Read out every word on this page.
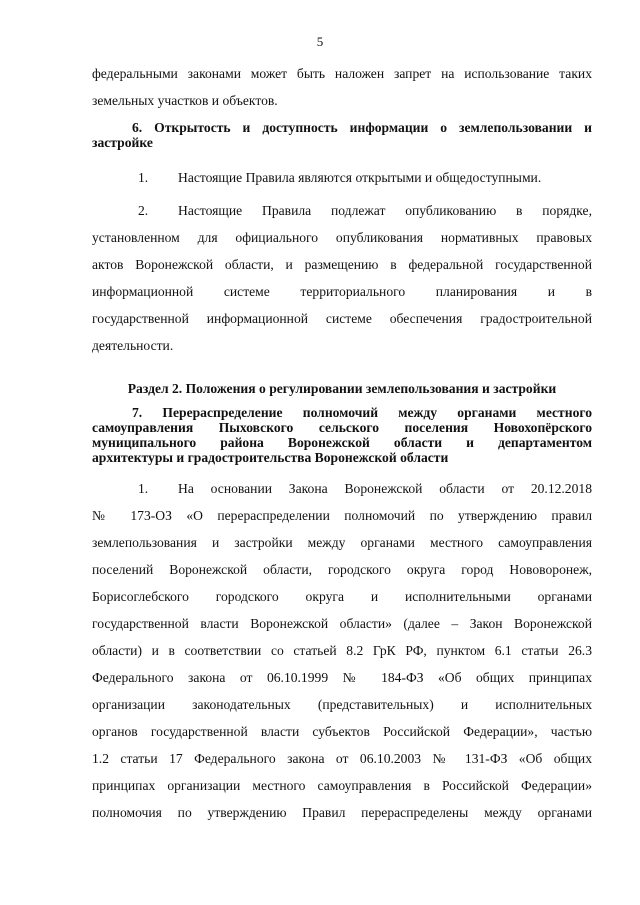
5
федеральными законами может быть наложен запрет на использование таких
земельных участков и объектов.
6. Открытость и доступность информации о землепользовании и
застройке
1. Настоящие Правила являются открытыми и общедоступными.
2.	Настоящие Правила подлежат опубликованию в порядке,
установленном для официального опубликования нормативных правовых
актов Воронежской области, и размещению в федеральной государственной
информационной системе территориального планирования и в
государственной информационной системе обеспечения градостроительной
деятельности.
Раздел 2. Положения о регулировании землепользования и застройки
7. Перераспределение полномочий между органами местного
самоуправления Пыховского сельского поселения Новохопёрского
муниципального района Воронежской области и департаментом
архитектуры и градостроительства Воронежской области
1.	На основании Закона Воронежской области от 20.12.2018
№ 173-ОЗ «О перераспределении полномочий по утверждению правил
землепользования и застройки между органами местного самоуправления
поселений Воронежской области, городского округа город Нововоронеж,
Борисоглебского городского округа и исполнительными органами
государственной власти Воронежской области» (далее – Закон Воронежской
области) и в соответствии со статьей 8.2 ГрК РФ, пунктом 6.1 статьи 26.3
Федерального закона от 06.10.1999 № 184-ФЗ «Об общих принципах
организации законодательных (представительных) и исполнительных
органов государственной власти субъектов Российской Федерации», частью
1.2 статьи 17 Федерального закона от 06.10.2003 № 131-ФЗ «Об общих
принципах организации местного самоуправления в Российской Федерации»
полномочия по утверждению Правил перераспределены между органами
